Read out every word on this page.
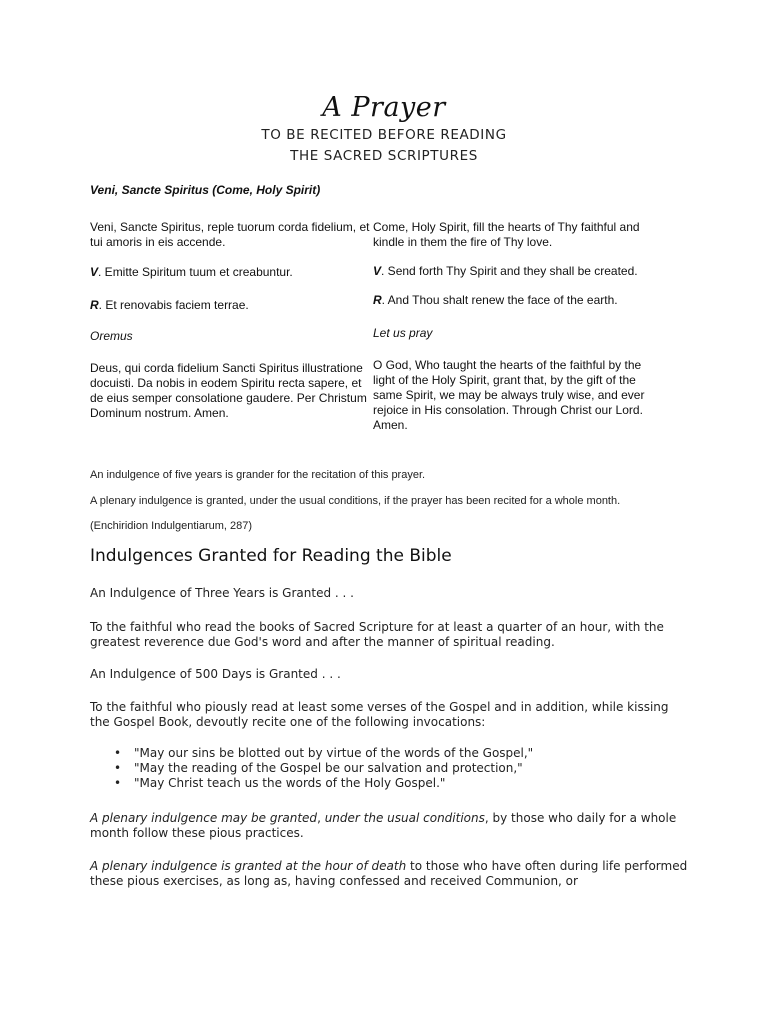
A Prayer
TO BE RECITED BEFORE READING
THE SACRED SCRIPTURES
Veni, Sancte Spiritus (Come, Holy Spirit)

Veni, Sancte Spiritus, reple tuorum corda fidelium, et tui amoris in eis accende.

V. Emitte Spiritum tuum et creabuntur.

R. Et renovabis faciem terrae.

Oremus

Deus, qui corda fidelium Sancti Spiritus illustratione docuisti. Da nobis in eodem Spiritu recta sapere, et de eius semper consolatione gaudere. Per Christum Dominum nostrum. Amen.

Come, Holy Spirit, fill the hearts of Thy faithful and kindle in them the fire of Thy love.

V. Send forth Thy Spirit and they shall be created.

R. And Thou shalt renew the face of the earth.

Let us pray

O God, Who taught the hearts of the faithful by the light of the Holy Spirit, grant that, by the gift of the same Spirit, we may be always truly wise, and ever rejoice in His consolation. Through Christ our Lord. Amen.

An indulgence of five years is grander for the recitation of this prayer.
A plenary indulgence is granted, under the usual conditions, if the prayer has been recited for a whole month. (Enchiridion Indulgentiarum, 287)
Indulgences Granted for Reading the Bible

An Indulgence of Three Years is Granted . . .

To the faithful who read the books of Sacred Scripture for at least a quarter of an hour, with the greatest reverence due God's word and after the manner of spiritual reading.

An Indulgence of 500 Days is Granted . . .

To the faithful who piously read at least some verses of the Gospel and in addition, while kissing the Gospel Book, devoutly recite one of the following invocations:

• "May our sins be blotted out by virtue of the words of the Gospel,"
• "May the reading of the Gospel be our salvation and protection,"
• "May Christ teach us the words of the Holy Gospel."

A plenary indulgence may be granted, under the usual conditions, by those who daily for a whole month follow these pious practices.

A plenary indulgence is granted at the hour of death to those who have often during life performed these pious exercises, as long as, having confessed and received Communion, or
